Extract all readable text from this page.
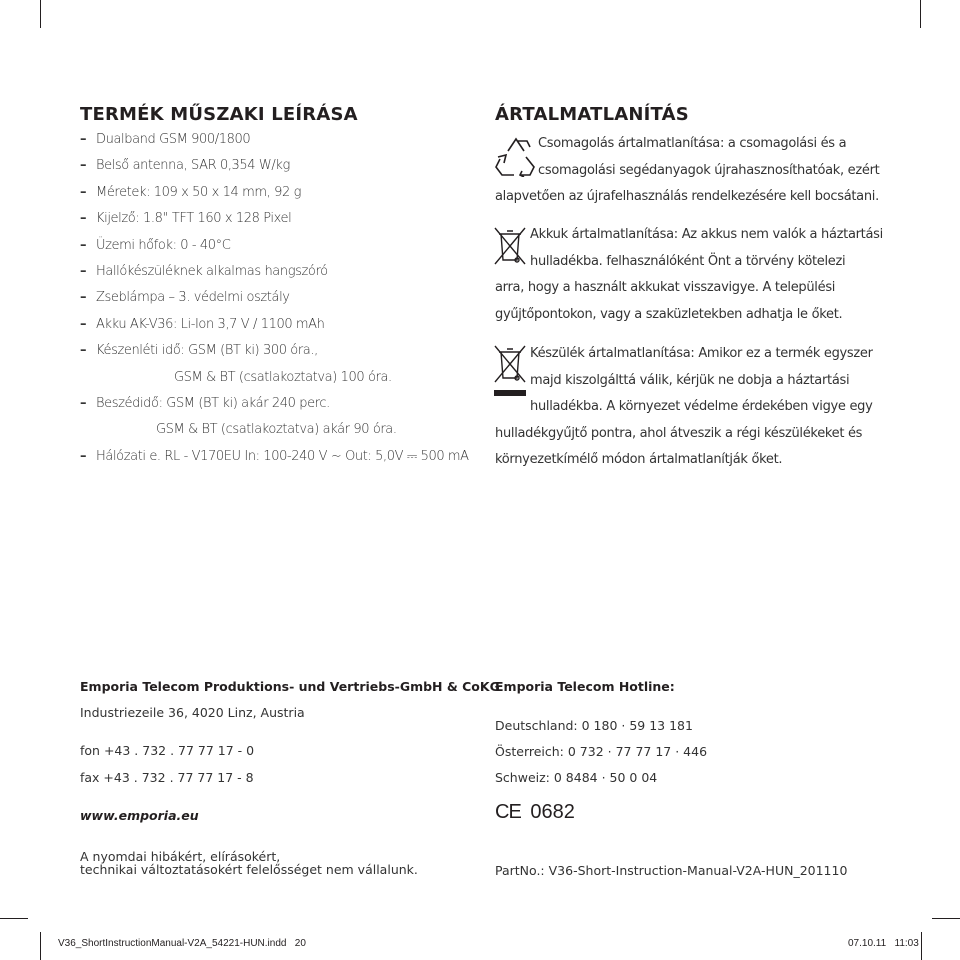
TERMÉK MŰSZAKI LEÍRÁSA
– Dualband GSM 900/1800
– Belső antenna, SAR 0,354 W/kg
– Méretek: 109 x 50 x 14 mm, 92 g
– Kijelző: 1.8" TFT 160 x 128 Pixel
– Üzemi hőfok: 0 - 40°C
– Hallókészüléknek alkalmas hangszóró
– Zseblámpa – 3. védelmi osztály
– Akku AK-V36: Li-Ion 3,7 V / 1100 mAh
– Készenléti idő: GSM (BT ki) 300 óra.,
GSM & BT (csatlakoztatva) 100 óra.
– Beszédidő: GSM (BT ki) akár 240 perc.
GSM & BT (csatlakoztatva) akár 90 óra.
– Hálózati e. RL - V170EU In: 100-240 V ~ Out: 5,0V ⎓ 500 mA
ÁRTALMATLANÍTÁS
Csomagolás ártalmatlanítása: a csomagolási és a
csomagolási segédanyagok újrahasznosíthatóak, ezért
alapvetően az újrafelhasználás rendelkezésére kell bocsátani.
Akkuk ártalmatlanítása: Az akkus nem valók a háztartási
hulladékba. felhasználóként Önt a törvény kötelezi
arra, hogy a használt akkukat visszavigye. A települési
gyűjtőpontokon, vagy a szaküzletekben adhatja le őket.
Készülék ártalmatlanítása: Amikor ez a termék egyszer
majd kiszolgálttá válik, kérjük ne dobja a háztartási
hulladékba. A környezet védelme érdekében vigye egy
hulladékgyűjtő pontra, ahol átveszik a régi készülékeket és
környezetkímélő módon ártalmatlanítják őket.
Emporia Telecom Produktions- und Vertriebs-GmbH & CoKG
Industriezeile 36, 4020 Linz, Austria
fon +43 . 732 . 77 77 17 - 0
fax +43 . 732 . 77 77 17 - 8
www.emporia.eu
A nyomdai hibákért, elírásokért,
technikai változtatásokért felelősséget nem vállalunk.
Emporia Telecom Hotline:
Deutschland: 0 180 · 59 13 181
Österreich: 0 732 · 77 77 17 · 446
Schweiz: 0 8484 · 50 0 04
CE 0682
PartNo.: V36-Short-Instruction-Manual-V2A-HUN_201110
V36_ShortInstructionManual-V2A_54221-HUN.indd   20	07.10.11   11:03
